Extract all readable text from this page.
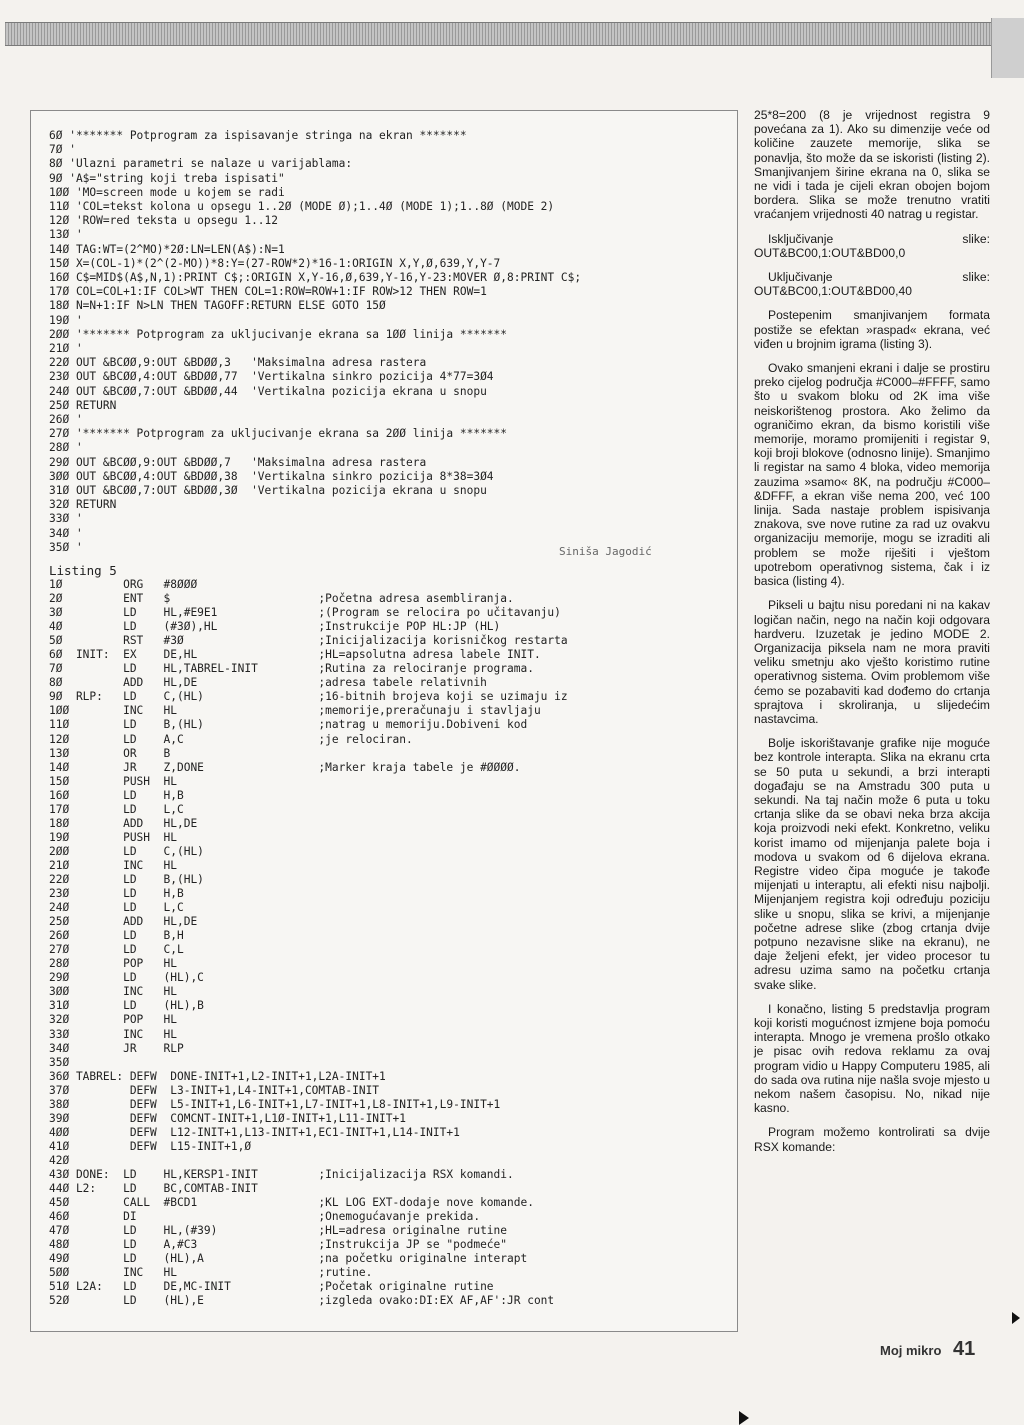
6Ø '******* Potprogram za ispisavanje stringa na ekran *******
7Ø '
8Ø 'Ulazni parametri se nalaze u varijablama:
9Ø 'A$="string koji treba ispisati"
1ØØ 'MO=screen mode u kojem se radi
11Ø 'COL=tekst kolona u opsegu 1..2Ø (MODE Ø);1..4Ø (MODE 1);1..8Ø (MODE 2)
12Ø 'ROW=red teksta u opsegu 1..12
13Ø '
14Ø TAG:WT=(2^MO)*2Ø:LN=LEN(A$):N=1
15Ø X=(COL-1)*(2^(2-MO))*8:Y=(27-ROW*2)*16-1:ORIGIN X,Y,Ø,639,Y,Y-7
16Ø C$=MID$(A$,N,1):PRINT C$;:ORIGIN X,Y-16,Ø,639,Y-16,Y-23:MOVER Ø,8:PRINT C$;
17Ø COL=COL+1:IF COL>WT THEN COL=1:ROW=ROW+1:IF ROW>12 THEN ROW=1
18Ø N=N+1:IF N>LN THEN TAGOFF:RETURN ELSE GOTO 15Ø
19Ø '
2ØØ '******* Potprogram za ukljucivanje ekrana sa 1ØØ linija *******
21Ø '
22Ø OUT &BCØØ,9:OUT &BDØØ,3   'Maksimalna adresa rastera
23Ø OUT &BCØØ,4:OUT &BDØØ,77  'Vertikalna sinkro pozicija 4*77=3Ø4
24Ø OUT &BCØØ,7:OUT &BDØØ,44  'Vertikalna pozicija ekrana u snopu
25Ø RETURN
26Ø '
27Ø '******* Potprogram za ukljucivanje ekrana sa 2ØØ linija *******
28Ø '
29Ø OUT &BCØØ,9:OUT &BDØØ,7   'Maksimalna adresa rastera
3ØØ OUT &BCØØ,4:OUT &BDØØ,38  'Vertikalna sinkro pozicija 8*38=3Ø4
31Ø OUT &BCØØ,7:OUT &BDØØ,3Ø  'Vertikalna pozicija ekrana u snopu
32Ø RETURN
33Ø '
34Ø '
35Ø '	Siniša Jagodić
Listing 5
1Ø         ORG   #8ØØØ
2Ø         ENT   $                      ;Početna adresa asembliranja.
3Ø         LD    HL,#E9E1               ;(Program se relocira po učitavanju)
4Ø         LD    (#3Ø),HL               ;Instrukcije POP HL:JP (HL)
5Ø         RST   #3Ø                    ;Inicijalizacija korisničkog restarta
6Ø  INIT:  EX    DE,HL                  ;HL=apsolutna adresa labele INIT.
7Ø         LD    HL,TABREL-INIT         ;Rutina za relociranje programa.
8Ø         ADD   HL,DE                  ;adresa tabele relativnih
9Ø  RLP:   LD    C,(HL)                 ;16-bitnih brojeva koji se uzimaju iz
1ØØ        INC   HL                     ;memorije,preračunaju i stavljaju
11Ø        LD    B,(HL)                 ;natrag u memoriju.Dobiveni kod
12Ø        LD    A,C                    ;je relociran.
13Ø        OR    B
14Ø        JR    Z,DONE                 ;Marker kraja tabele je #ØØØØ.
15Ø        PUSH  HL
16Ø        LD    H,B
17Ø        LD    L,C
18Ø        ADD   HL,DE
19Ø        PUSH  HL
2ØØ        LD    C,(HL)
21Ø        INC   HL
22Ø        LD    B,(HL)
23Ø        LD    H,B
24Ø        LD    L,C
25Ø        ADD   HL,DE
26Ø        LD    B,H
27Ø        LD    C,L
28Ø        POP   HL
29Ø        LD    (HL),C
3ØØ        INC   HL
31Ø        LD    (HL),B
32Ø        POP   HL
33Ø        INC   HL
34Ø        JR    RLP
35Ø
36Ø TABREL: DEFW  DONE-INIT+1,L2-INIT+1,L2A-INIT+1
37Ø         DEFW  L3-INIT+1,L4-INIT+1,COMTAB-INIT
38Ø         DEFW  L5-INIT+1,L6-INIT+1,L7-INIT+1,L8-INIT+1,L9-INIT+1
39Ø         DEFW  COMCNT-INIT+1,L1Ø-INIT+1,L11-INIT+1
4ØØ         DEFW  L12-INIT+1,L13-INIT+1,EC1-INIT+1,L14-INIT+1
41Ø         DEFW  L15-INIT+1,Ø
42Ø
43Ø DONE:  LD    HL,KERSP1-INIT         ;Inicijalizacija RSX komandi.
44Ø L2:    LD    BC,COMTAB-INIT
45Ø        CALL  #BCD1                  ;KL LOG EXT-dodaje nove komande.
46Ø        DI                           ;Onemogućavanje prekida.
47Ø        LD    HL,(#39)               ;HL=adresa originalne rutine
48Ø        LD    A,#C3                  ;Instrukcija JP se "podmeće"
49Ø        LD    (HL),A                 ;na početku originalne interapt
5ØØ        INC   HL                     ;rutine.
51Ø L2A:   LD    DE,MC-INIT             ;Početak originalne rutine
52Ø        LD    (HL),E                 ;izgleda ovako:DI:EX AF,AF':JR cont

25*8=200 (8 je vrijednost registra 9 povećana za 1). Ako su dimenzije veće od količine zauzete memorije, slika se ponavlja, što može da se iskoristi (listing 2). Smanjivanjem širine ekrana na 0, slika se ne vidi i tada je cijeli ekran obojen bojom bordera. Slika se može trenutno vratiti vraćanjem vrijednosti 40 natrag u registar.

Isključivanje slike: OUT&BC00,1:OUT&BD00,0

Uključivanje slike: OUT&BC00,1:OUT&BD00,40

Postepenim smanjivanjem formata postiže se efektan »raspad« ekrana, već viđen u brojnim igrama (listing 3).

Ovako smanjeni ekrani i dalje se prostiru preko cijelog područja #C000–#FFFF, samo što u svakom bloku od 2K ima više neiskorištenog prostora. Ako želimo da ograničimo ekran, da bismo koristili više memorije, moramo promijeniti i registar 9, koji broji blokove (odnosno linije). Smanjimo li registar na samo 4 bloka, video memorija zauzima »samo« 8K, na području #C000–&DFFF, a ekran više nema 200, već 100 linija. Sada nastaje problem ispisivanja znakova, sve nove rutine za rad uz ovakvu organizaciju memorije, mogu se izraditi ali problem se može riješiti i vještom upotrebom operativnog sistema, čak i iz basica (listing 4).

Pikseli u bajtu nisu poredani ni na kakav logičan način, nego na način koji odgovara hardveru. Izuzetak je jedino MODE 2. Organizacija piksela nam ne mora praviti veliku smetnju ako vješto koristimo rutine operativnog sistema. Ovim problemom više ćemo se pozabaviti kad dođemo do crtanja sprajtova i skroliranja, u slijedećim nastavcima.

Bolje iskorištavanje grafike nije moguće bez kontrole interapta. Slika na ekranu crta se 50 puta u sekundi, a brzi interapti događaju se na Amstradu 300 puta u sekundi. Na taj način može 6 puta u toku crtanja slike da se obavi neka brza akcija koja proizvodi neki efekt. Konkretno, veliku korist imamo od mijenjanja palete boja i modova u svakom od 6 dijelova ekrana. Registre video čipa moguće je takođe mijenjati u interaptu, ali efekti nisu najbolji. Mijenjanjem registra koji određuju poziciju slike u snopu, slika se krivi, a mijenjanje početne adrese slike (zbog crtanja dvije potpuno nezavisne slike na ekranu), ne daje željeni efekt, jer video procesor tu adresu uzima samo na početku crtanja svake slike.

I konačno, listing 5 predstavlja program koji koristi mogućnost izmjene boja pomoću interapta. Mnogo je vremena prošlo otkako je pisac ovih redova reklamu za ovaj program vidio u Happy Computeru 1985, ali do sada ova rutina nije našla svoje mjesto u nekom našem časopisu. No, nikad nije kasno.

Program možemo kontrolirati sa dvije RSX komande:

Moj mikro 41
